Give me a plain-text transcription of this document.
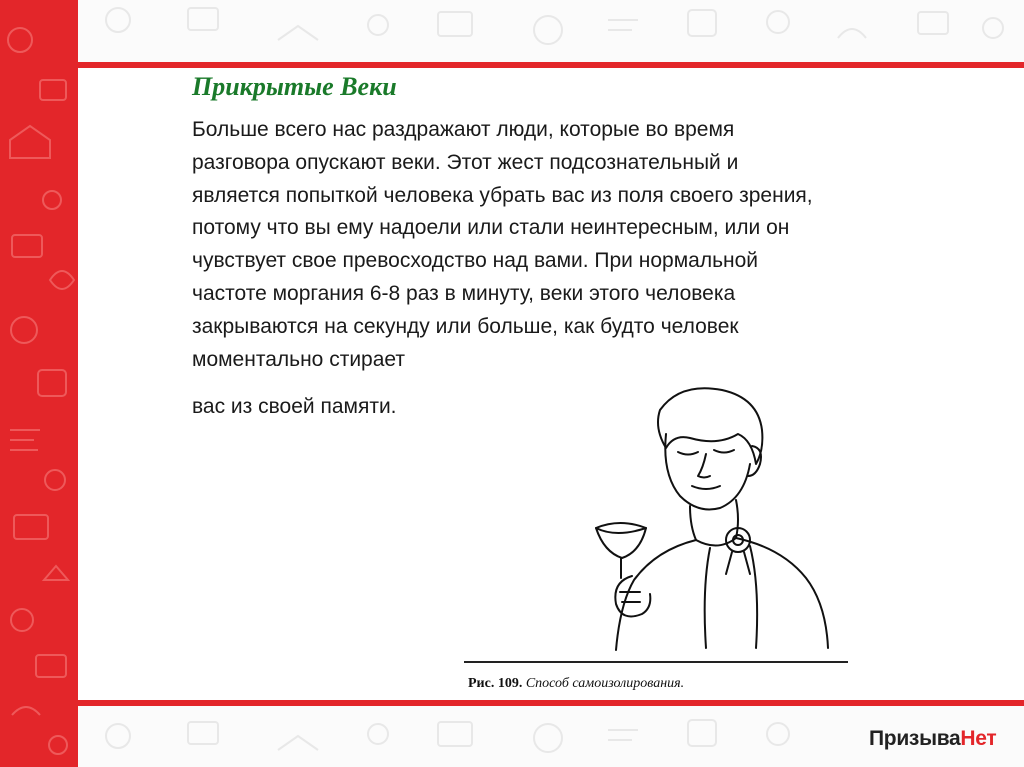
Прикрытые Веки

Больше всего нас раздражают люди, которые во время разговора опускают веки. Этот жест подсознательный и является попыткой человека убрать вас из поля своего зрения, потому что вы ему надоели или стали неинтересным, или он чувствует свое превосходство над вами. При нормальной частоте моргания 6-8 раз в минуту, веки этого человека закрываются на секунду или больше, как будто человек моментально стирает

вас из своей памяти.

Рис. 109. Способ самоизолирования.
ПризываНет
